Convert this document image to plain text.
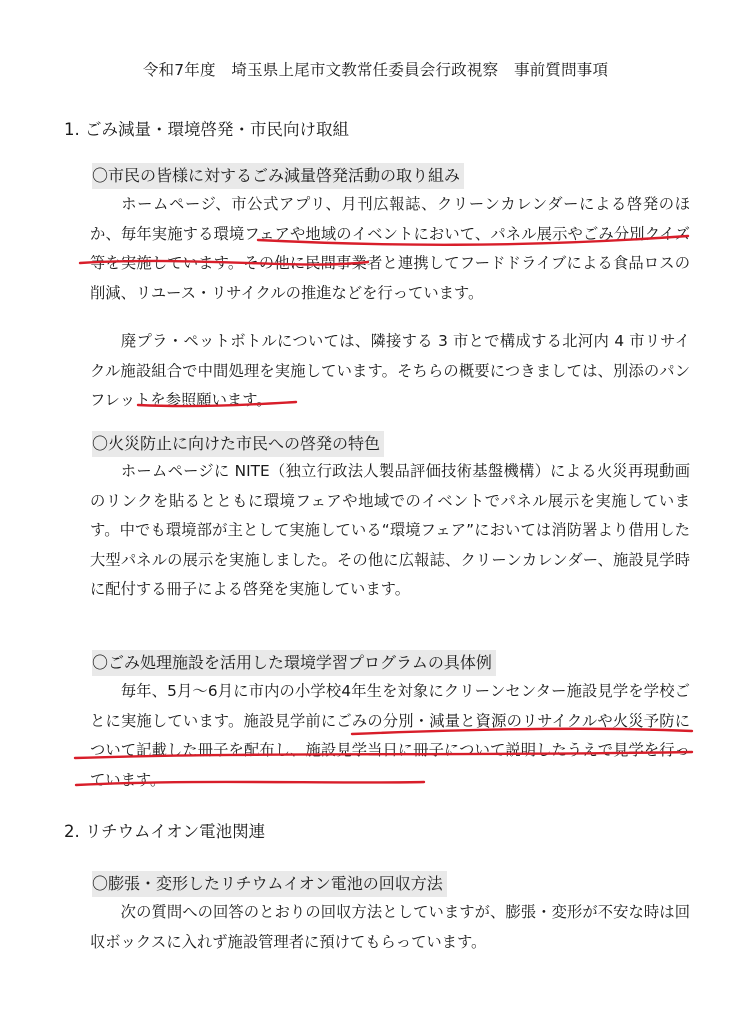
令和7年度　埼玉県上尾市文教常任委員会行政視察　事前質問事項
1. ごみ減量・環境啓発・市民向け取組
〇市民の皆様に対するごみ減量啓発活動の取り組み

ホームページ、市公式アプリ、月刊広報誌、クリーンカレンダーによる啓発のほか、毎年実施する環境フェアや地域のイベントにおいて、パネル展示やごみ分別クイズ等を実施しています。その他に民間事業者と連携してフードドライブによる食品ロスの削減、リユース・リサイクルの推進などを行っています。

廃プラ・ペットボトルについては、隣接する 3 市とで構成する北河内 4 市リサイクル施設組合で中間処理を実施しています。そちらの概要につきましては、別添のパンフレットを参照願います。

〇火災防止に向けた市民への啓発の特色

ホームページに NITE（独立行政法人製品評価技術基盤機構）による火災再現動画のリンクを貼るとともに環境フェアや地域でのイベントでパネル展示を実施しています。中でも環境部が主として実施している“環境フェア”においては消防署より借用した大型パネルの展示を実施しました。その他に広報誌、クリーンカレンダー、施設見学時に配付する冊子による啓発を実施しています。

〇ごみ処理施設を活用した環境学習プログラムの具体例

毎年、5月～6月に市内の小学校4年生を対象にクリーンセンター施設見学を学校ごとに実施しています。施設見学前にごみの分別・減量と資源のリサイクルや火災予防について記載した冊子を配布し、施設見学当日に冊子について説明したうえで見学を行っています。

2. リチウムイオン電池関連
〇膨張・変形したリチウムイオン電池の回収方法

次の質問への回答のとおりの回収方法としていますが、膨張・変形が不安な時は回収ボックスに入れず施設管理者に預けてもらっています。
